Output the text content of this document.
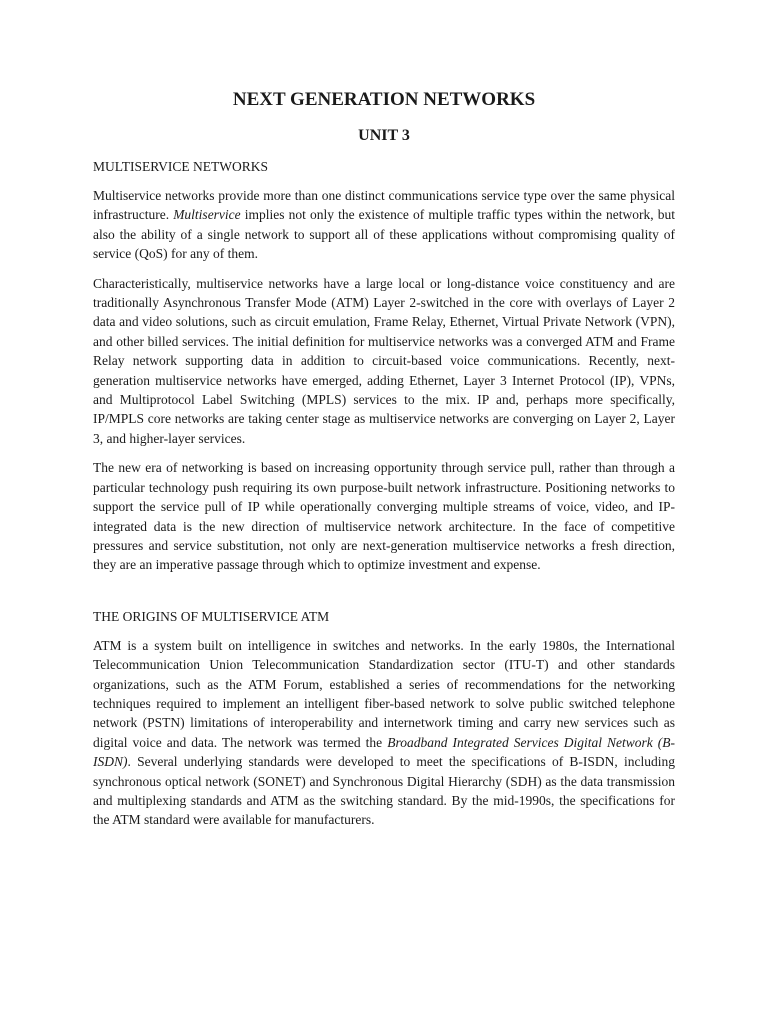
NEXT GENERATION NETWORKS
UNIT 3
MULTISERVICE NETWORKS

Multiservice networks provide more than one distinct communications service type over the same physical infrastructure. Multiservice implies not only the existence of multiple traffic types within the network, but also the ability of a single network to support all of these applications without compromising quality of service (QoS) for any of them.

Characteristically, multiservice networks have a large local or long-distance voice constituency and are traditionally Asynchronous Transfer Mode (ATM) Layer 2-switched in the core with overlays of Layer 2 data and video solutions, such as circuit emulation, Frame Relay, Ethernet, Virtual Private Network (VPN), and other billed services. The initial definition for multiservice networks was a converged ATM and Frame Relay network supporting data in addition to circuit-based voice communications. Recently, next-generation multiservice networks have emerged, adding Ethernet, Layer 3 Internet Protocol (IP), VPNs, and Multiprotocol Label Switching (MPLS) services to the mix. IP and, perhaps more specifically, IP/MPLS core networks are taking center stage as multiservice networks are converging on Layer 2, Layer 3, and higher-layer services.

The new era of networking is based on increasing opportunity through service pull, rather than through a particular technology push requiring its own purpose-built network infrastructure. Positioning networks to support the service pull of IP while operationally converging multiple streams of voice, video, and IP-integrated data is the new direction of multiservice network architecture. In the face of competitive pressures and service substitution, not only are next-generation multiservice networks a fresh direction, they are an imperative passage through which to optimize investment and expense.

THE ORIGINS OF MULTISERVICE ATM

ATM is a system built on intelligence in switches and networks. In the early 1980s, the International Telecommunication Union Telecommunication Standardization sector (ITU-T) and other standards organizations, such as the ATM Forum, established a series of recommendations for the networking techniques required to implement an intelligent fiber-based network to solve public switched telephone network (PSTN) limitations of interoperability and internetwork timing and carry new services such as digital voice and data. The network was termed the Broadband Integrated Services Digital Network (B-ISDN). Several underlying standards were developed to meet the specifications of B-ISDN, including synchronous optical network (SONET) and Synchronous Digital Hierarchy (SDH) as the data transmission and multiplexing standards and ATM as the switching standard. By the mid-1990s, the specifications for the ATM standard were available for manufacturers.
